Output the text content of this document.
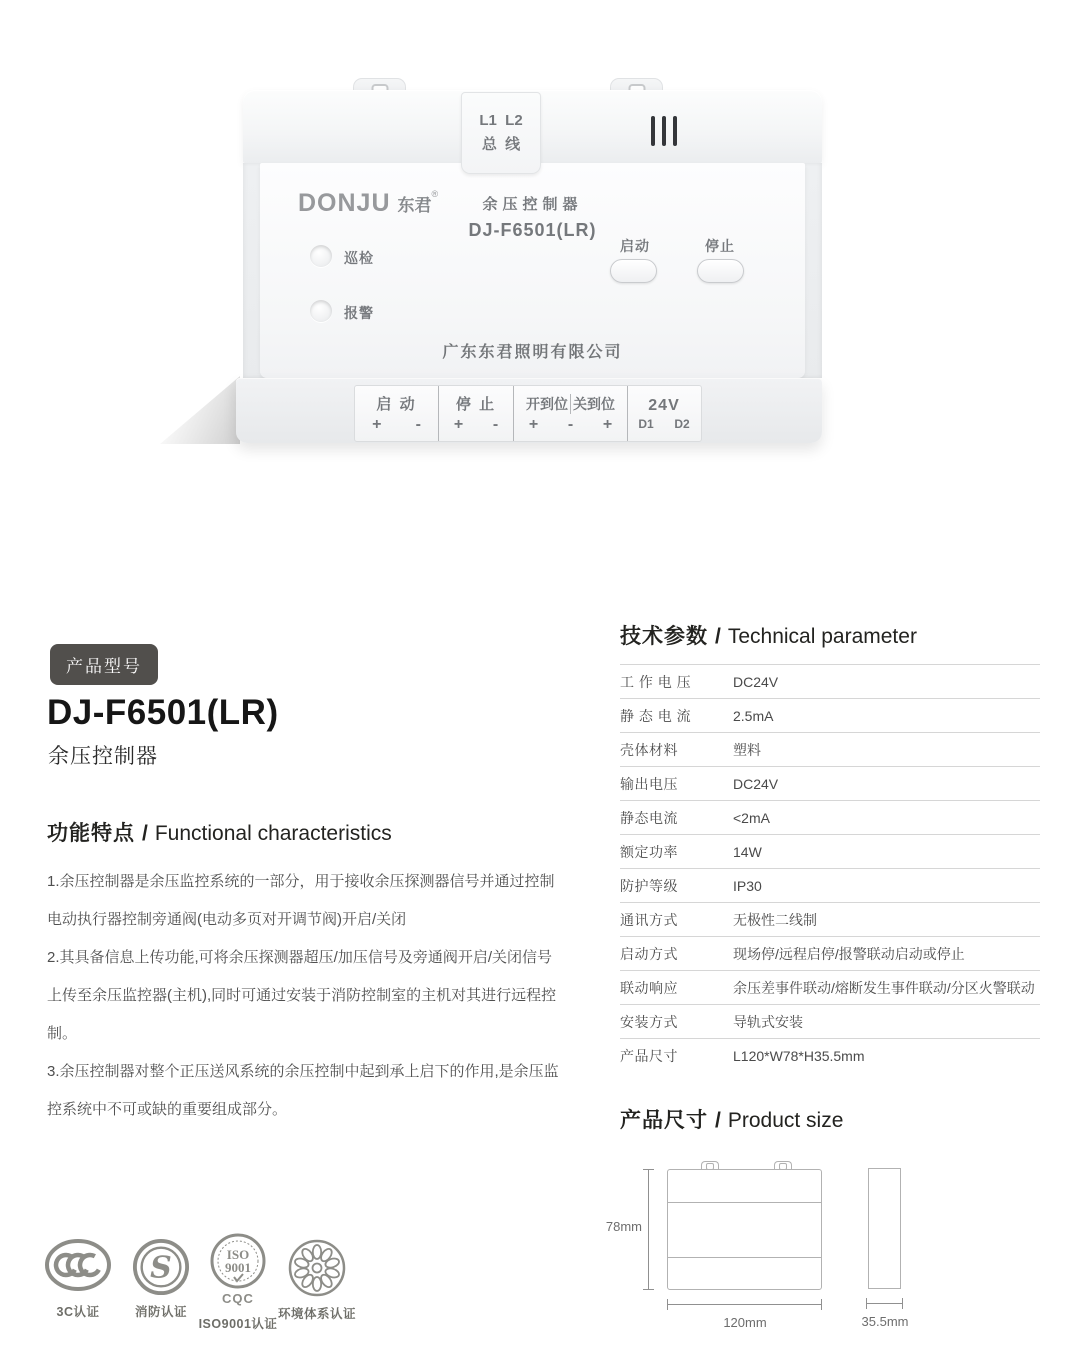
L1  L2
总  线
DONJU 东君®
余压控制器
DJ-F6501(LR)
巡检
报警
启动	停止
广东东君照明有限公司
启 动
+ -
停 止
+ -
开到位 关到位
+ - +
24V
D1 D2
产品型号
DJ-F6501(LR)
余压控制器
功能特点 / Functional characteristics

1.余压控制器是余压监控系统的一部分，用于接收余压探测器信号并通过控制电动执行器控制旁通阀(电动多页对开调节阀)开启/关闭

2.其具备信息上传功能,可将余压探测器超压/加压信号及旁通阀开启/关闭信号上传至余压监控器(主机),同时可通过安装于消防控制室的主机对其进行远程控制。

3.余压控制器对整个正压送风系统的余压控制中起到承上启下的作用,是余压监控系统中不可或缺的重要组成部分。

技术参数 / Technical parameter
工 作 电 压	DC24V
静 态 电 流	2.5mA
壳体材料	塑料
输出电压	DC24V
静态电流	<2mA
额定功率	14W
防护等级	IP30
通讯方式	无极性二线制
启动方式	现场停/远程启停/报警联动启动或停止
联动响应	余压差事件联动/熔断发生事件联动/分区火警联动
安装方式	导轨式安装
产品尺寸	L120*W78*H35.5mm
产品尺寸 / Product size
78mm
120mm	35.5mm
3C认证
S
消防认证
ISO
9001
CQC
ISO9001认证
环境体系认证
